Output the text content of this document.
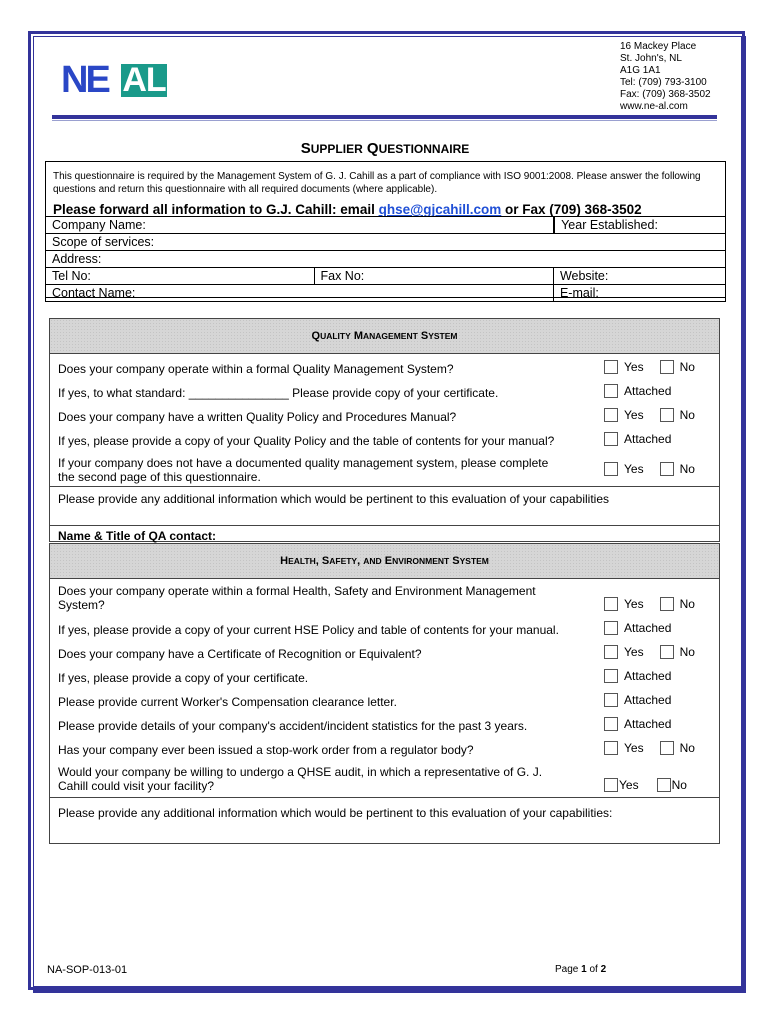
NE AL
16 Mackey Place
St. John's, NL
A1G 1A1
Tel: (709) 793-3100
Fax: (709) 368-3502
www.ne-al.com
SUPPLIER QUESTIONNAIRE
This questionnaire is required by the Management System of G. J. Cahill as a part of compliance with ISO 9001:2008. Please answer the following questions and return this questionnaire with all required documents (where applicable).
Please forward all information to G.J. Cahill: email qhse@gjcahill.com or Fax (709) 368-3502
Company Name:		Year Established:
Scope of services:		
Address:		
Tel No:	Fax No:	Website:
Contact Name:		E-mail:
QUALITY MANAGEMENT SYSTEM
Does your company operate within a formal Quality Management System?	Yes	No
If yes, to what standard: _______________ Please provide copy of your certificate.	Attached
Does your company have a written Quality Policy and Procedures Manual?	Yes	No
If yes, please provide a copy of your Quality Policy and the table of contents for your manual?	Attached
If your company does not have a documented quality management system, please complete
the second page of this questionnaire.
Yes	No
Please provide any additional information which would be pertinent to this evaluation of your capabilities
Name & Title of QA contact:
HEALTH, SAFETY, AND ENVIRONMENT SYSTEM
Does your company operate within a formal Health, Safety and Environment Management
System?	Yes	No
If yes, please provide a copy of your current HSE Policy and table of contents for your manual.	Attached
Does your company have a Certificate of Recognition or Equivalent?	Yes	No
If yes, please provide a copy of your certificate.	Attached
Please provide current Worker's Compensation clearance letter.	Attached
Please provide details of your company's accident/incident statistics for the past 3 years.	Attached
Has your company ever been issued a stop-work order from a regulator body?	Yes	No
Would your company be willing to undergo a QHSE audit, in which a representative of G. J.
Cahill could visit your facility?	Yes	No
Please provide any additional information which would be pertinent to this evaluation of your capabilities:
NA-SOP-013-01	Page 1 of 2
